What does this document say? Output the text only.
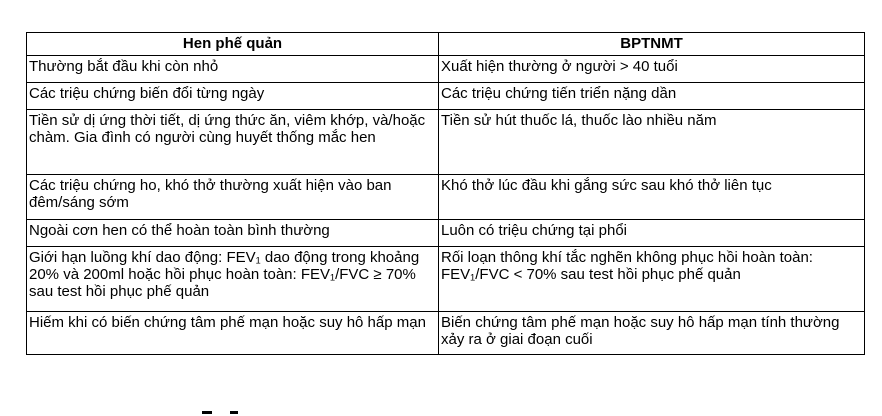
Hen phế quản	BPTNMT
Thường bắt đầu khi còn nhỏ	Xuất hiện thường ở người > 40 tuổi
Các triệu chứng biến đổi từng ngày	Các triệu chứng tiến triển nặng dần
Tiền sử dị ứng thời tiết, dị ứng thức ăn, viêm khớp, và/hoặc chàm. Gia đình có người cùng huyết thống mắc hen	Tiền sử hút thuốc lá, thuốc lào nhiều năm
Các triệu chứng ho, khó thở thường xuất hiện vào ban đêm/sáng sớm	Khó thở lúc đầu khi gắng sức sau khó thở liên tục
Ngoài cơn hen có thể hoàn toàn bình thường	Luôn có triệu chứng tại phổi
Giới hạn luồng khí dao động: FEV₁ dao động trong khoảng 20% và 200ml hoặc hồi phục hoàn toàn: FEV₁/FVC ≥ 70% sau test hồi phục phế quản	Rối loạn thông khí tắc nghẽn không phục hồi hoàn toàn: FEV₁/FVC < 70% sau test hồi phục phế quản
Hiếm khi có biến chứng tâm phế mạn hoặc suy hô hấp mạn	Biến chứng tâm phế mạn hoặc suy hô hấp mạn tính thường xảy ra ở giai đoạn cuối
